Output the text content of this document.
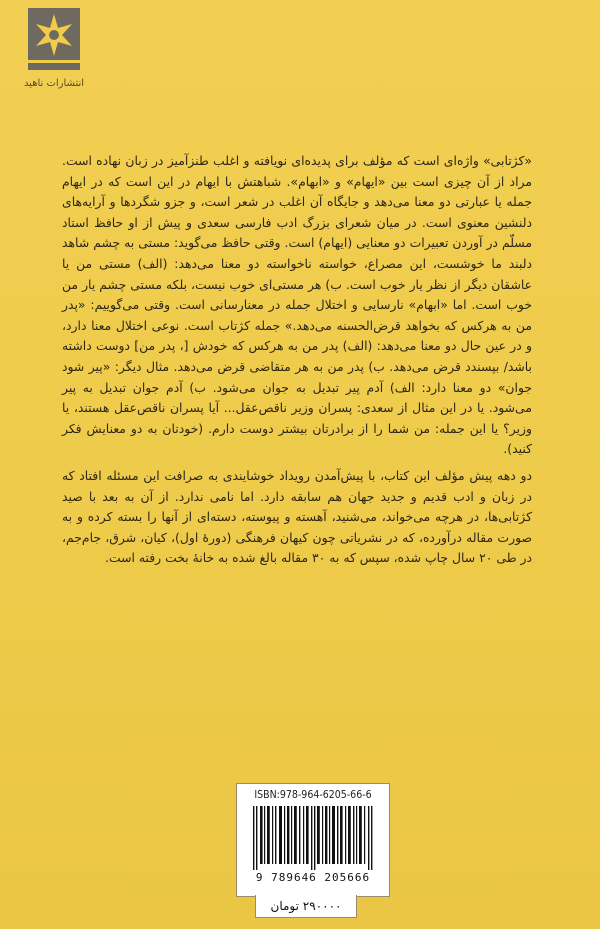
انتشارات ناهید

«کژتابی» واژه‌ای است که مؤلف برای پدیده‌ای نویافته و اغلب طنزآمیز در زبان نهاده است. مراد از آن چیزی است بین «ایهام» و «ابهام». شباهتش با ایهام در این است که در ایهام جمله یا عبارتی دو معنا می‌دهد و جایگاه آن اغلب در شعر است، و جزو شگردها و آرایه‌های دلنشین معنوی است. در میان شعرای بزرگ ادب فارسی سعدی و پیش از او حافظ استاد مسلّم در آوردن تعبیرات دو معنایی (ایهام) است. وقتی حافظ می‌گوید: مستی به چشم شاهد دلبند ما خوشست، این مصراع، خواسته ناخواسته دو معنا می‌دهد: (الف) مستی من یا عاشقان دیگر از نظر یار خوب است. ب) هر مستی‌ای خوب نیست، بلکه مستی چشم یار من خوب است. اما «ابهام» نارسایی و اختلال جمله در معنارسانی است. وقتی می‌گوییم: «پدر من به هرکس که بخواهد قرض‌الحسنه می‌دهد.» جمله کژتاب است. نوعی اختلال معنا دارد، و در عین حال دو معنا می‌دهد: (الف) پدر من به هرکس که خودش [، پدر من] دوست داشته باشد/ بپسندد قرض می‌دهد. ب) پدر من به هر متقاضی قرض می‌دهد. مثال دیگر: «پیر شود جوان» دو معنا دارد: الف) آدم پیر تبدیل به جوان می‌شود. ب) آدم جوان تبدیل به پیر می‌شود. یا در این مثال از سعدی: پسران وزیر ناقص‌عقل... آیا پسران ناقص‌عقل هستند، یا وزیر؟ یا این جمله: من شما را از برادرتان بیشتر دوست دارم. (خودتان به دو معنایش فکر کنید).

دو دهه پیش مؤلف این کتاب، با پیش‌آمدن رویداد خوشایندی به صرافت این مسئله افتاد که در زبان و ادب قدیم و جدید جهان هم سابقه دارد. اما نامی ندارد. از آن به بعد با صید کژتابی‌ها، در هرچه می‌خواند، می‌شنید، آهسته و پیوسته، دسته‌ای از آنها را بسته کرده و به صورت مقاله درآورده، که در نشریاتی چون کیهان فرهنگی (دورهٔ اول)، کیان، شرق، جام‌جم، در طی ۲۰ سال چاپ شده، سپس که به ۳۰ مقاله بالغ شده به خانهٔ بخت رفته است.

ISBN:978-964-6205-66-6
9 789646 205666
۲۹۰۰۰۰ تومان
